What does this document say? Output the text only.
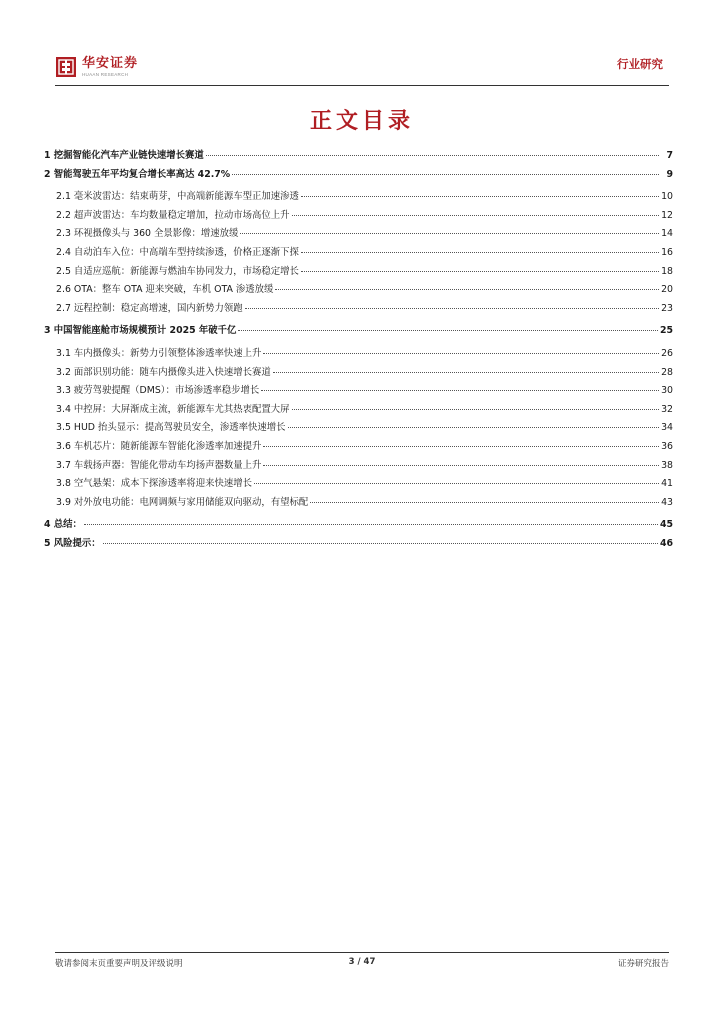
华安证券
HUAAN RESEARCH
行业研究
正文目录
1 挖掘智能化汽车产业链快速增长赛道	7
2 智能驾驶五年平均复合增长率高达 42.7%	9
2.1 毫米波雷达：结束萌芽，中高端新能源车型正加速渗透	10
2.2 超声波雷达：车均数量稳定增加，拉动市场高位上升	12
2.3 环视摄像头与 360 全景影像：增速放缓	14
2.4 自动泊车入位：中高端车型持续渗透，价格正逐渐下探	16
2.5 自适应巡航：新能源与燃油车协同发力，市场稳定增长	18
2.6 OTA：整车 OTA 迎来突破，车机 OTA 渗透放缓	20
2.7 远程控制：稳定高增速，国内新势力领跑	23
3 中国智能座舱市场规模预计 2025 年破千亿	25
3.1 车内摄像头：新势力引领整体渗透率快速上升	26
3.2 面部识别功能：随车内摄像头进入快速增长赛道	28
3.3 疲劳驾驶提醒（DMS）：市场渗透率稳步增长	30
3.4 中控屏：大屏渐成主流，新能源车尤其热衷配置大屏	32
3.5 HUD 抬头显示：提高驾驶员安全，渗透率快速增长	34
3.6 车机芯片：随新能源车智能化渗透率加速提升	36
3.7 车载扬声器：智能化带动车均扬声器数量上升	38
3.8 空气悬架：成本下探渗透率将迎来快速增长	41
3.9 对外放电功能：电网调频与家用储能双向驱动，有望标配	43
4 总结：	45
5 风险提示：	46
敬请参阅末页重要声明及评级说明	3 / 47	证券研究报告
